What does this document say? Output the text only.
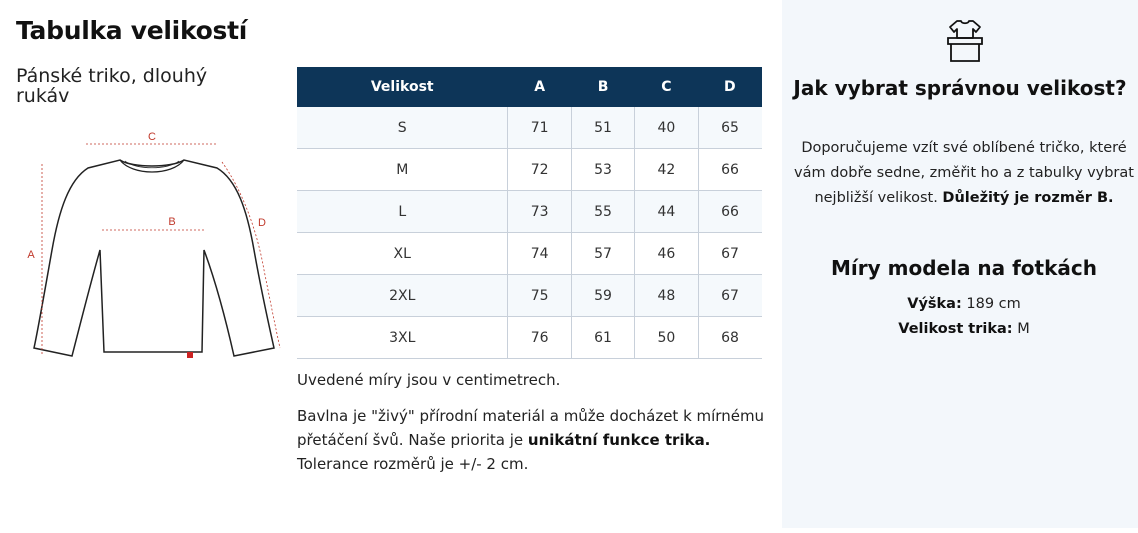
Tabulka velikostí
Pánské triko, dlouhý rukáv
C
B
A
D
Velikost	A	B	C	D
S	71	51	40	65
M	72	53	42	66
L	73	55	44	66
XL	74	57	46	67
2XL	75	59	48	67
3XL	76	61	50	68

Uvedené míry jsou v centimetrech.

Bavlna je "živý" přírodní materiál a může docházet k mírnému přetáčení švů. Naše priorita je unikátní funkce trika.
Tolerance rozměrů je +/- 2 cm.

Jak vybrat správnou velikost?
Doporučujeme vzít své oblíbené tričko, které vám dobře sedne, změřit ho a z tabulky vybrat nejbližší velikost. Důležitý je rozměr B.
Míry modela na fotkách
Výška: 189 cm
Velikost trika: M
